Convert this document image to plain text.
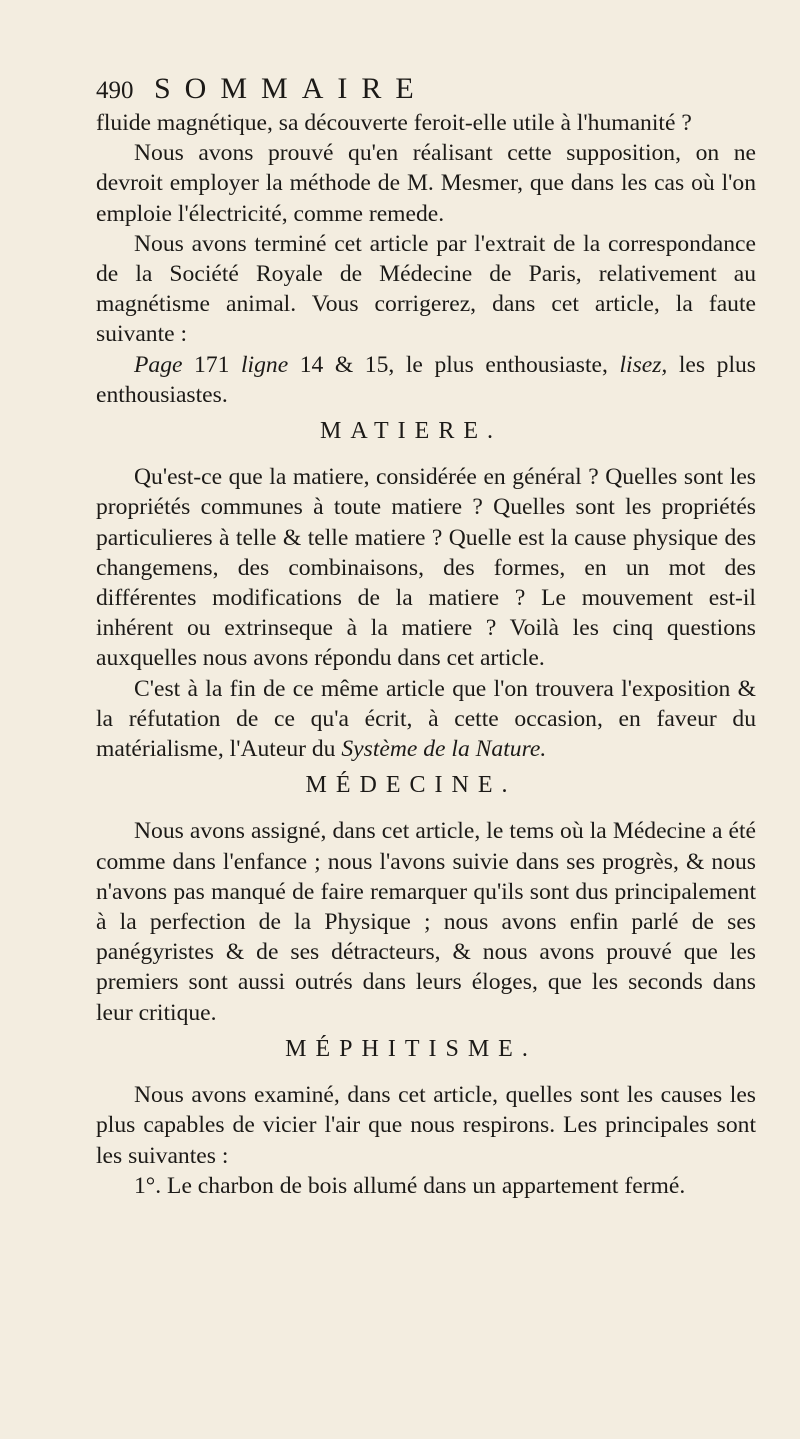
490 SOMMAIRE

fluide magnétique, sa découverte feroit-elle utile à l'humanité ?

Nous avons prouvé qu'en réalisant cette supposition, on ne devroit employer la méthode de M. Mesmer, que dans les cas où l'on emploie l'électricité, comme remede.

Nous avons terminé cet article par l'extrait de la correspondance de la Société Royale de Médecine de Paris, relativement au magnétisme animal. Vous corrigerez, dans cet article, la faute suivante :

Page 171 ligne 14 & 15, le plus enthousiaste, lisez, les plus enthousiastes.

MATIERE.

Qu'est-ce que la matiere, considérée en général ? Quelles sont les propriétés communes à toute matiere ? Quelles sont les propriétés particulieres à telle & telle matiere ? Quelle est la cause physique des changemens, des combinaisons, des formes, en un mot des différentes modifications de la matiere ? Le mouvement est-il inhérent ou extrinseque à la matiere ? Voilà les cinq questions auxquelles nous avons répondu dans cet article.

C'est à la fin de ce même article que l'on trouvera l'exposition & la réfutation de ce qu'a écrit, à cette occasion, en faveur du matérialisme, l'Auteur du Système de la Nature.

MÉDECINE.

Nous avons assigné, dans cet article, le tems où la Médecine a été comme dans l'enfance ; nous l'avons suivie dans ses progrès, & nous n'avons pas manqué de faire remarquer qu'ils sont dus principalement à la perfection de la Physique ; nous avons enfin parlé de ses panégyristes & de ses détracteurs, & nous avons prouvé que les premiers sont aussi outrés dans leurs éloges, que les seconds dans leur critique.

MÉPHITISME.

Nous avons examiné, dans cet article, quelles sont les causes les plus capables de vicier l'air que nous respirons. Les principales sont les suivantes :

1°. Le charbon de bois allumé dans un appartement fermé.
